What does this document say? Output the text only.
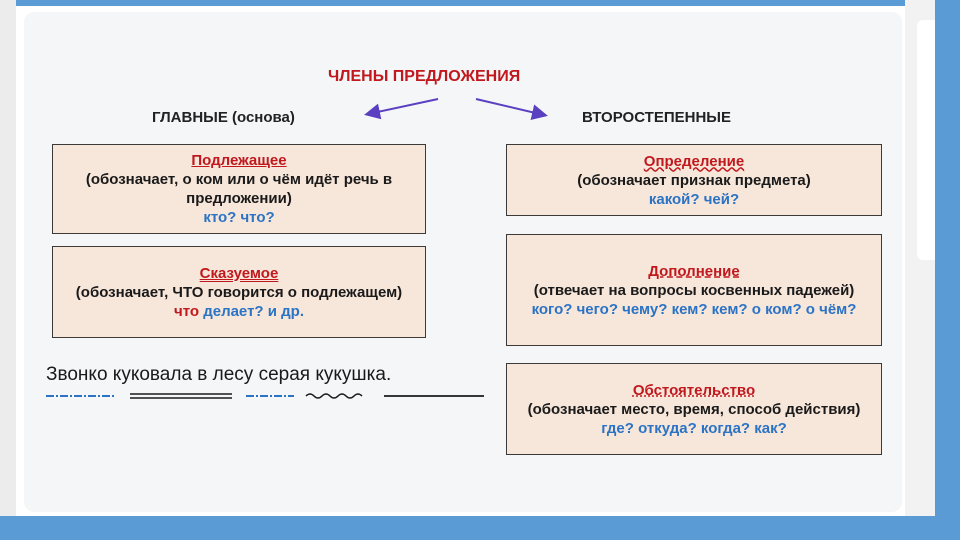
ЧЛЕНЫ ПРЕДЛОЖЕНИЯ
ГЛАВНЫЕ (основа)	ВТОРОСТЕПЕННЫЕ
Подлежащее
(обозначает, о ком или о чём идёт речь в предложении)
кто? что?
Сказуемое
(обозначает, ЧТО говорится о подлежащем)
что делает? и др.
Определение
(обозначает признак предмета)
какой? чей?
Дополнение
(отвечает на вопросы косвенных падежей)
кого? чего? чему? кем? кем? о ком? о чём?
Обстоятельство
(обозначает место, время, способ действия)
где? откуда? когда? как?
Звонко куковала в лесу серая кукушка.
